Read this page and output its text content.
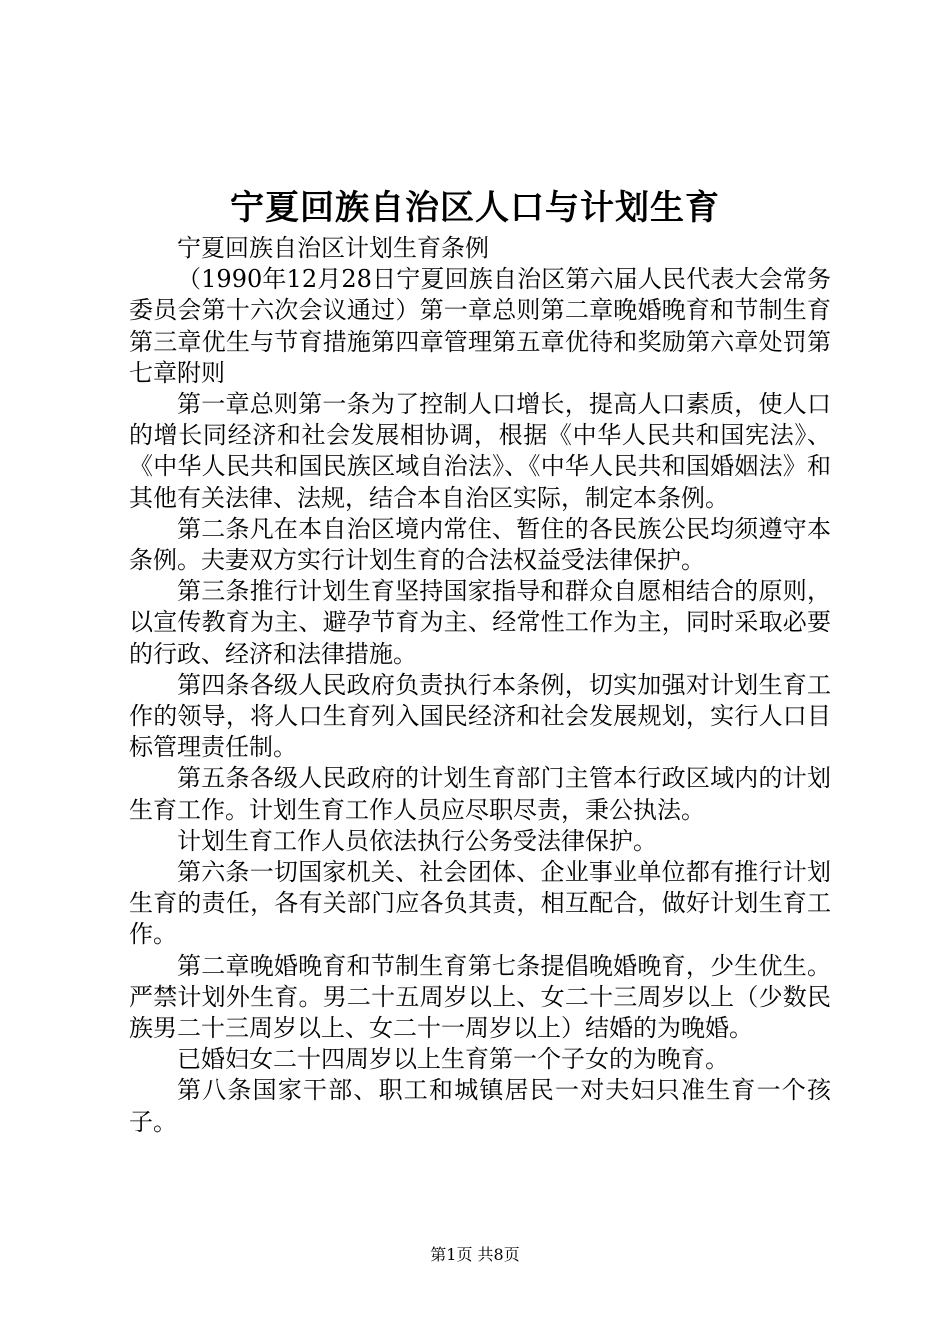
宁夏回族自治区人口与计划生育

宁夏回族自治区计划生育条例

（1990年12月28日宁夏回族自治区第六届人民代表大会常务委员会第十六次会议通过）第一章总则第二章晚婚晚育和节制生育第三章优生与节育措施第四章管理第五章优待和奖励第六章处罚第七章附则

第一章总则第一条为了控制人口增长，提高人口素质，使人口的增长同经济和社会发展相协调，根据《中华人民共和国宪法》、《中华人民共和国民族区域自治法》、《中华人民共和国婚姻法》和其他有关法律、法规，结合本自治区实际，制定本条例。

第二条凡在本自治区境内常住、暂住的各民族公民均须遵守本条例。夫妻双方实行计划生育的合法权益受法律保护。

第三条推行计划生育坚持国家指导和群众自愿相结合的原则，以宣传教育为主、避孕节育为主、经常性工作为主，同时采取必要的行政、经济和法律措施。

第四条各级人民政府负责执行本条例，切实加强对计划生育工作的领导，将人口生育列入国民经济和社会发展规划，实行人口目标管理责任制。

第五条各级人民政府的计划生育部门主管本行政区域内的计划生育工作。计划生育工作人员应尽职尽责，秉公执法。

计划生育工作人员依法执行公务受法律保护。

第六条一切国家机关、社会团体、企业事业单位都有推行计划生育的责任，各有关部门应各负其责，相互配合，做好计划生育工作。

第二章晚婚晚育和节制生育第七条提倡晚婚晚育，少生优生。严禁计划外生育。男二十五周岁以上、女二十三周岁以上（少数民族男二十三周岁以上、女二十一周岁以上）结婚的为晚婚。

已婚妇女二十四周岁以上生育第一个子女的为晚育。

第八条国家干部、职工和城镇居民一对夫妇只准生育一个孩子。

第1页 共8页
